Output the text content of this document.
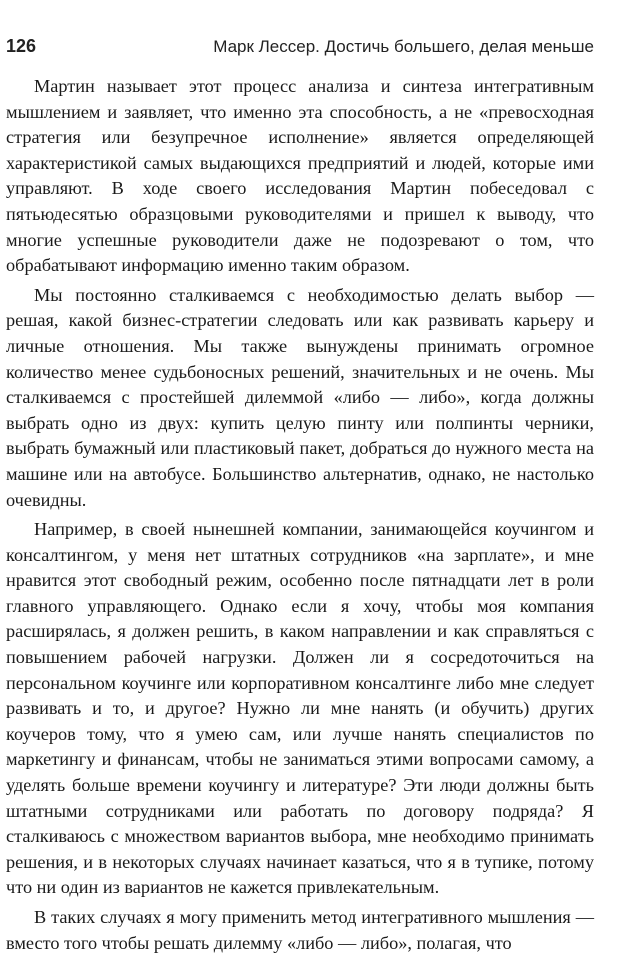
126	Марк Лессер. Достичь большего, делая меньше

Мартин называет этот процесс анализа и синтеза интегративным мышлением и заявляет, что именно эта способность, а не «превосходная стратегия или безупречное исполнение» является определяющей характеристикой самых выдающихся предприятий и людей, которые ими управляют. В ходе своего исследования Мартин побеседовал с пятьюдесятью образцовыми руководителями и пришел к выводу, что многие успешные руководители даже не подозревают о том, что обрабатывают информацию именно таким образом.

Мы постоянно сталкиваемся с необходимостью делать выбор — решая, какой бизнес-стратегии следовать или как развивать карьеру и личные отношения. Мы также вынуждены принимать огромное количество менее судьбоносных решений, значительных и не очень. Мы сталкиваемся с простейшей дилеммой «либо — либо», когда должны выбрать одно из двух: купить целую пинту или полпинты черники, выбрать бумажный или пластиковый пакет, добраться до нужного места на машине или на автобусе. Большинство альтернатив, однако, не настолько очевидны.

Например, в своей нынешней компании, занимающейся коучингом и консалтингом, у меня нет штатных сотрудников «на зарплате», и мне нравится этот свободный режим, особенно после пятнадцати лет в роли главного управляющего. Однако если я хочу, чтобы моя компания расширялась, я должен решить, в каком направлении и как справляться с повышением рабочей нагрузки. Должен ли я сосредоточиться на персональном коучинге или корпоративном консалтинге либо мне следует развивать и то, и другое? Нужно ли мне нанять (и обучить) других коучеров тому, что я умею сам, или лучше нанять специалистов по маркетингу и финансам, чтобы не заниматься этими вопросами самому, а уделять больше времени коучингу и литературе? Эти люди должны быть штатными сотрудниками или работать по договору подряда? Я сталкиваюсь с множеством вариантов выбора, мне необходимо принимать решения, и в некоторых случаях начинает казаться, что я в тупике, потому что ни один из вариантов не кажется привлекательным.

В таких случаях я могу применить метод интегративного мышления — вместо того чтобы решать дилемму «либо — либо», полагая, что
